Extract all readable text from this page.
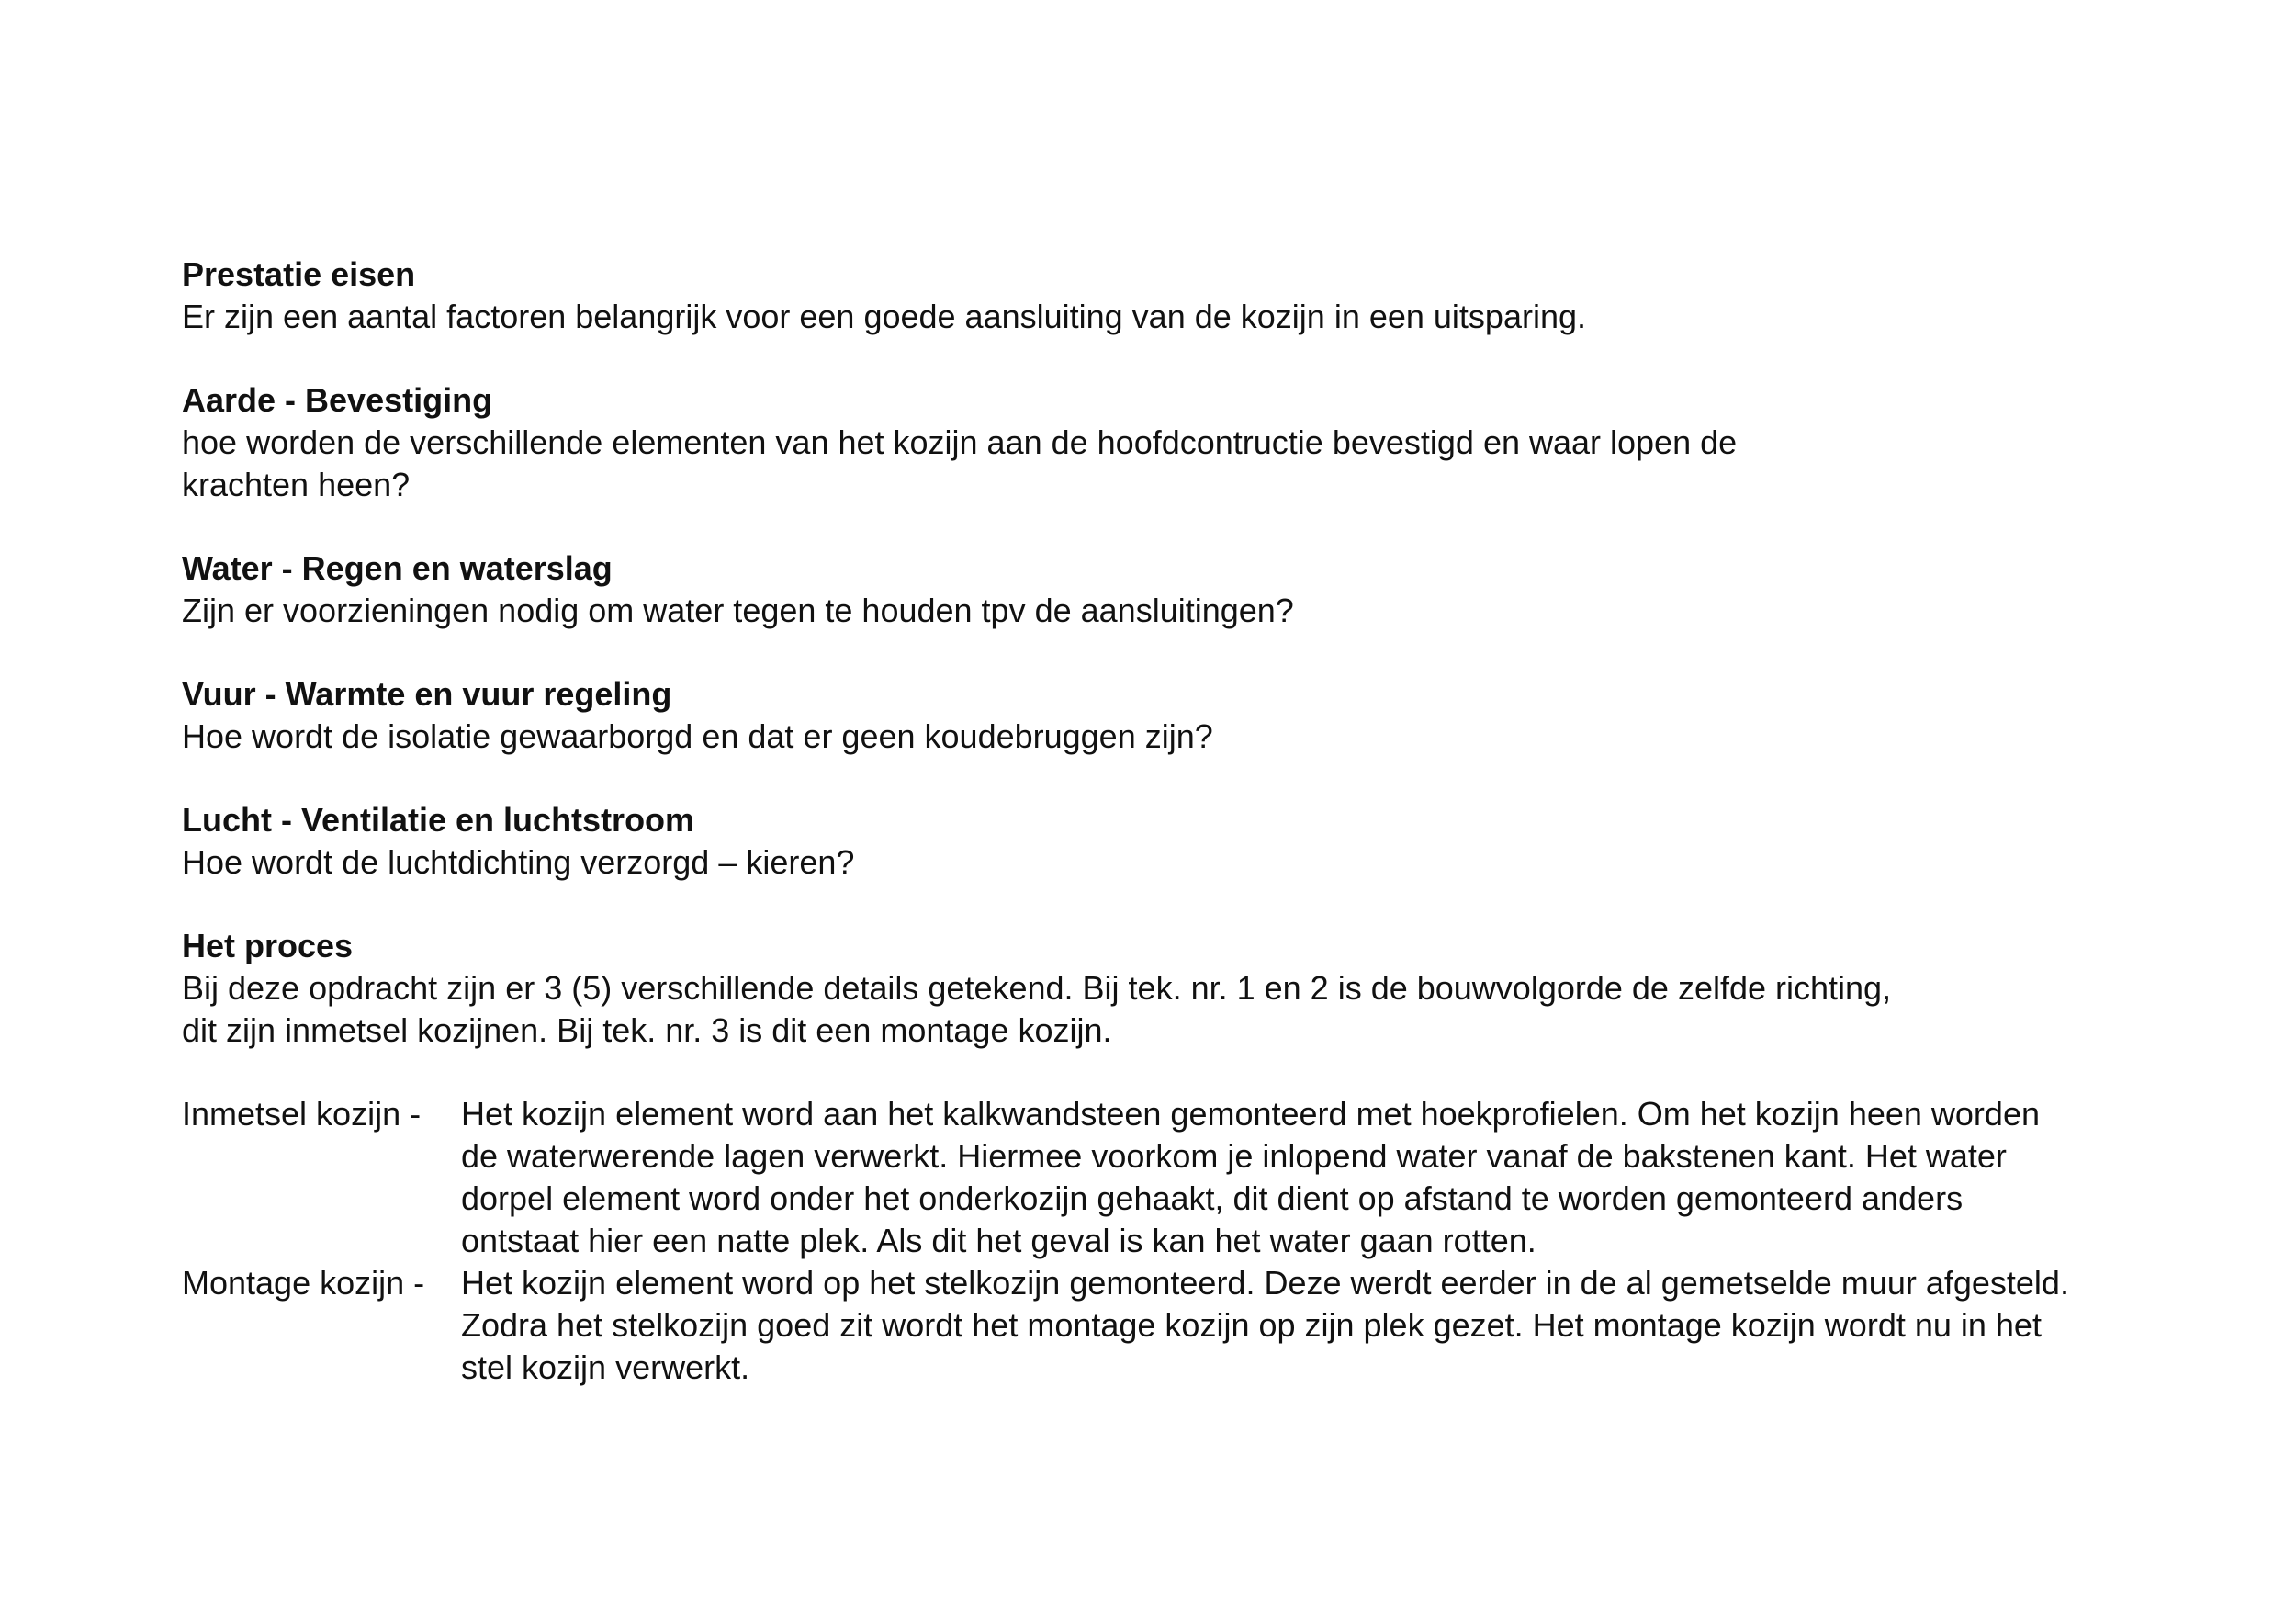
Prestatie eisen

Er zijn een aantal factoren belangrijk voor een goede aansluiting van de kozijn in een uitsparing.

Aarde - Bevestiging

hoe worden de verschillende elementen van het kozijn aan de hoofdcontructie bevestigd en waar lopen de

krachten heen?

Water - Regen en waterslag

Zijn er voorzieningen nodig om water tegen te houden tpv de aansluitingen?

Vuur - Warmte en vuur regeling

Hoe wordt de isolatie gewaarborgd en dat er geen koudebruggen zijn?

Lucht - Ventilatie en luchtstroom

Hoe wordt de luchtdichting verzorgd – kieren?

Het proces

Bij deze opdracht zijn er 3 (5) verschillende details getekend. Bij tek. nr. 1 en 2 is de bouwvolgorde de zelfde richting,

dit zijn inmetsel kozijnen. Bij tek. nr. 3 is dit een montage kozijn.

Inmetsel kozijn -	Het kozijn element word aan het kalkwandsteen gemonteerd met hoekprofielen. Om het kozijn heen worden

de waterwerende lagen verwerkt. Hiermee voorkom je inlopend water vanaf de bakstenen kant. Het water

dorpel element word onder het onderkozijn gehaakt, dit dient op afstand te worden gemonteerd anders

ontstaat hier een natte plek. Als dit het geval is kan het water gaan rotten.

Montage kozijn -	Het kozijn element word op het stelkozijn gemonteerd. Deze werdt eerder in de al gemetselde muur afgesteld.

Zodra het stelkozijn goed zit wordt het montage kozijn op zijn plek gezet. Het montage kozijn wordt nu in het

stel kozijn verwerkt.
